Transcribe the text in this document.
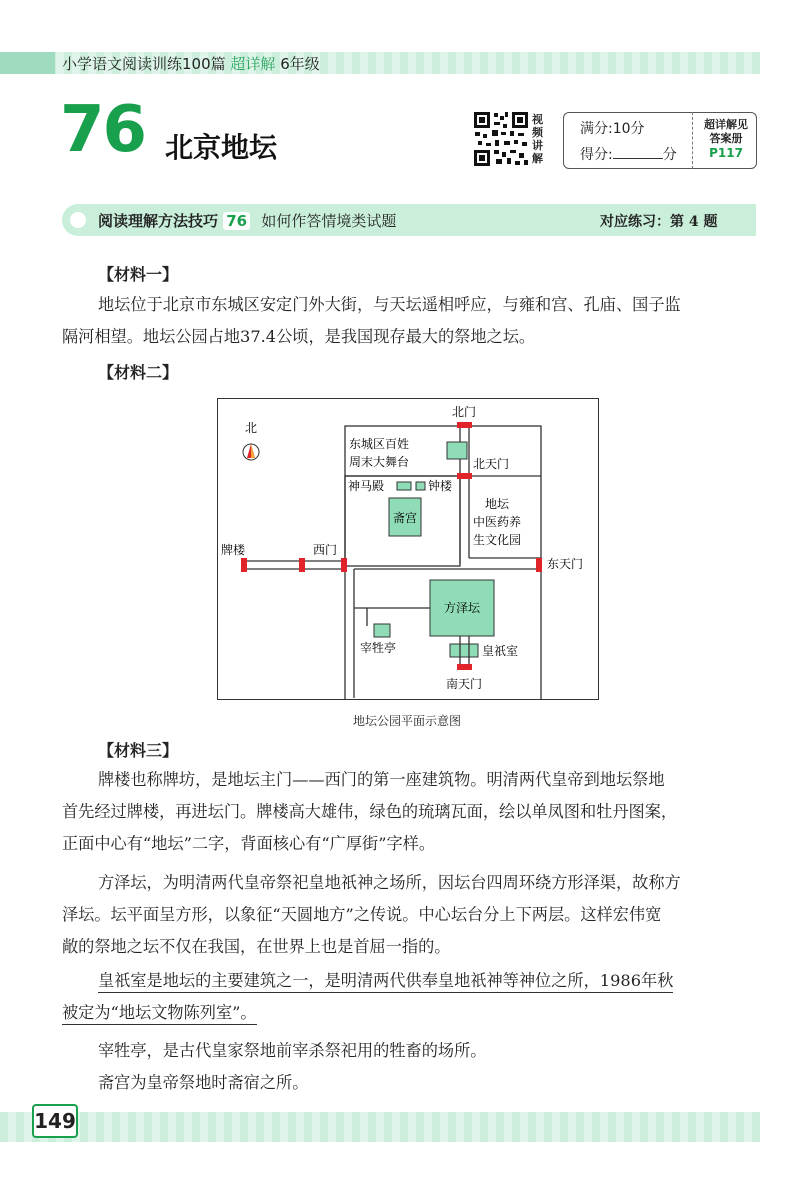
小学语文阅读训练100篇 超详解 6年级
76 北京地坛
视频讲解
满分:10分
得分:	分
超详解见
答案册
P117
阅读理解方法技巧 76 如何作答情境类试题	对应练习：第 4 题
【材料一】
地坛位于北京市东城区安定门外大街，与天坛遥相呼应，与雍和宫、孔庙、国子监
隔河相望。地坛公园占地37.4公顷，是我国现存最大的祭地之坛。
【材料二】
北
北门
东城区百姓
周末大舞台	北天门
神马殿	钟楼
斋宫
地坛
中医药养
生文化园
牌楼	西门
东天门
方泽坛
宰牲亭	皇祇室
南天门
地坛公园平面示意图
【材料三】
牌楼也称牌坊，是地坛主门——西门的第一座建筑物。明清两代皇帝到地坛祭地
首先经过牌楼，再进坛门。牌楼高大雄伟，绿色的琉璃瓦面，绘以单凤图和牡丹图案，
正面中心有“地坛”二字，背面核心有“广厚街”字样。
方泽坛，为明清两代皇帝祭祀皇地祇神之场所，因坛台四周环绕方形泽渠，故称方
泽坛。坛平面呈方形，以象征“天圆地方”之传说。中心坛台分上下两层。这样宏伟宽
敞的祭地之坛不仅在我国，在世界上也是首屈一指的。
皇祇室是地坛的主要建筑之一，是明清两代供奉皇地祇神等神位之所，1986年秋
被定为“地坛文物陈列室”。
宰牲亭，是古代皇家祭地前宰杀祭祀用的牲畜的场所。
斋宫为皇帝祭地时斋宿之所。
149
